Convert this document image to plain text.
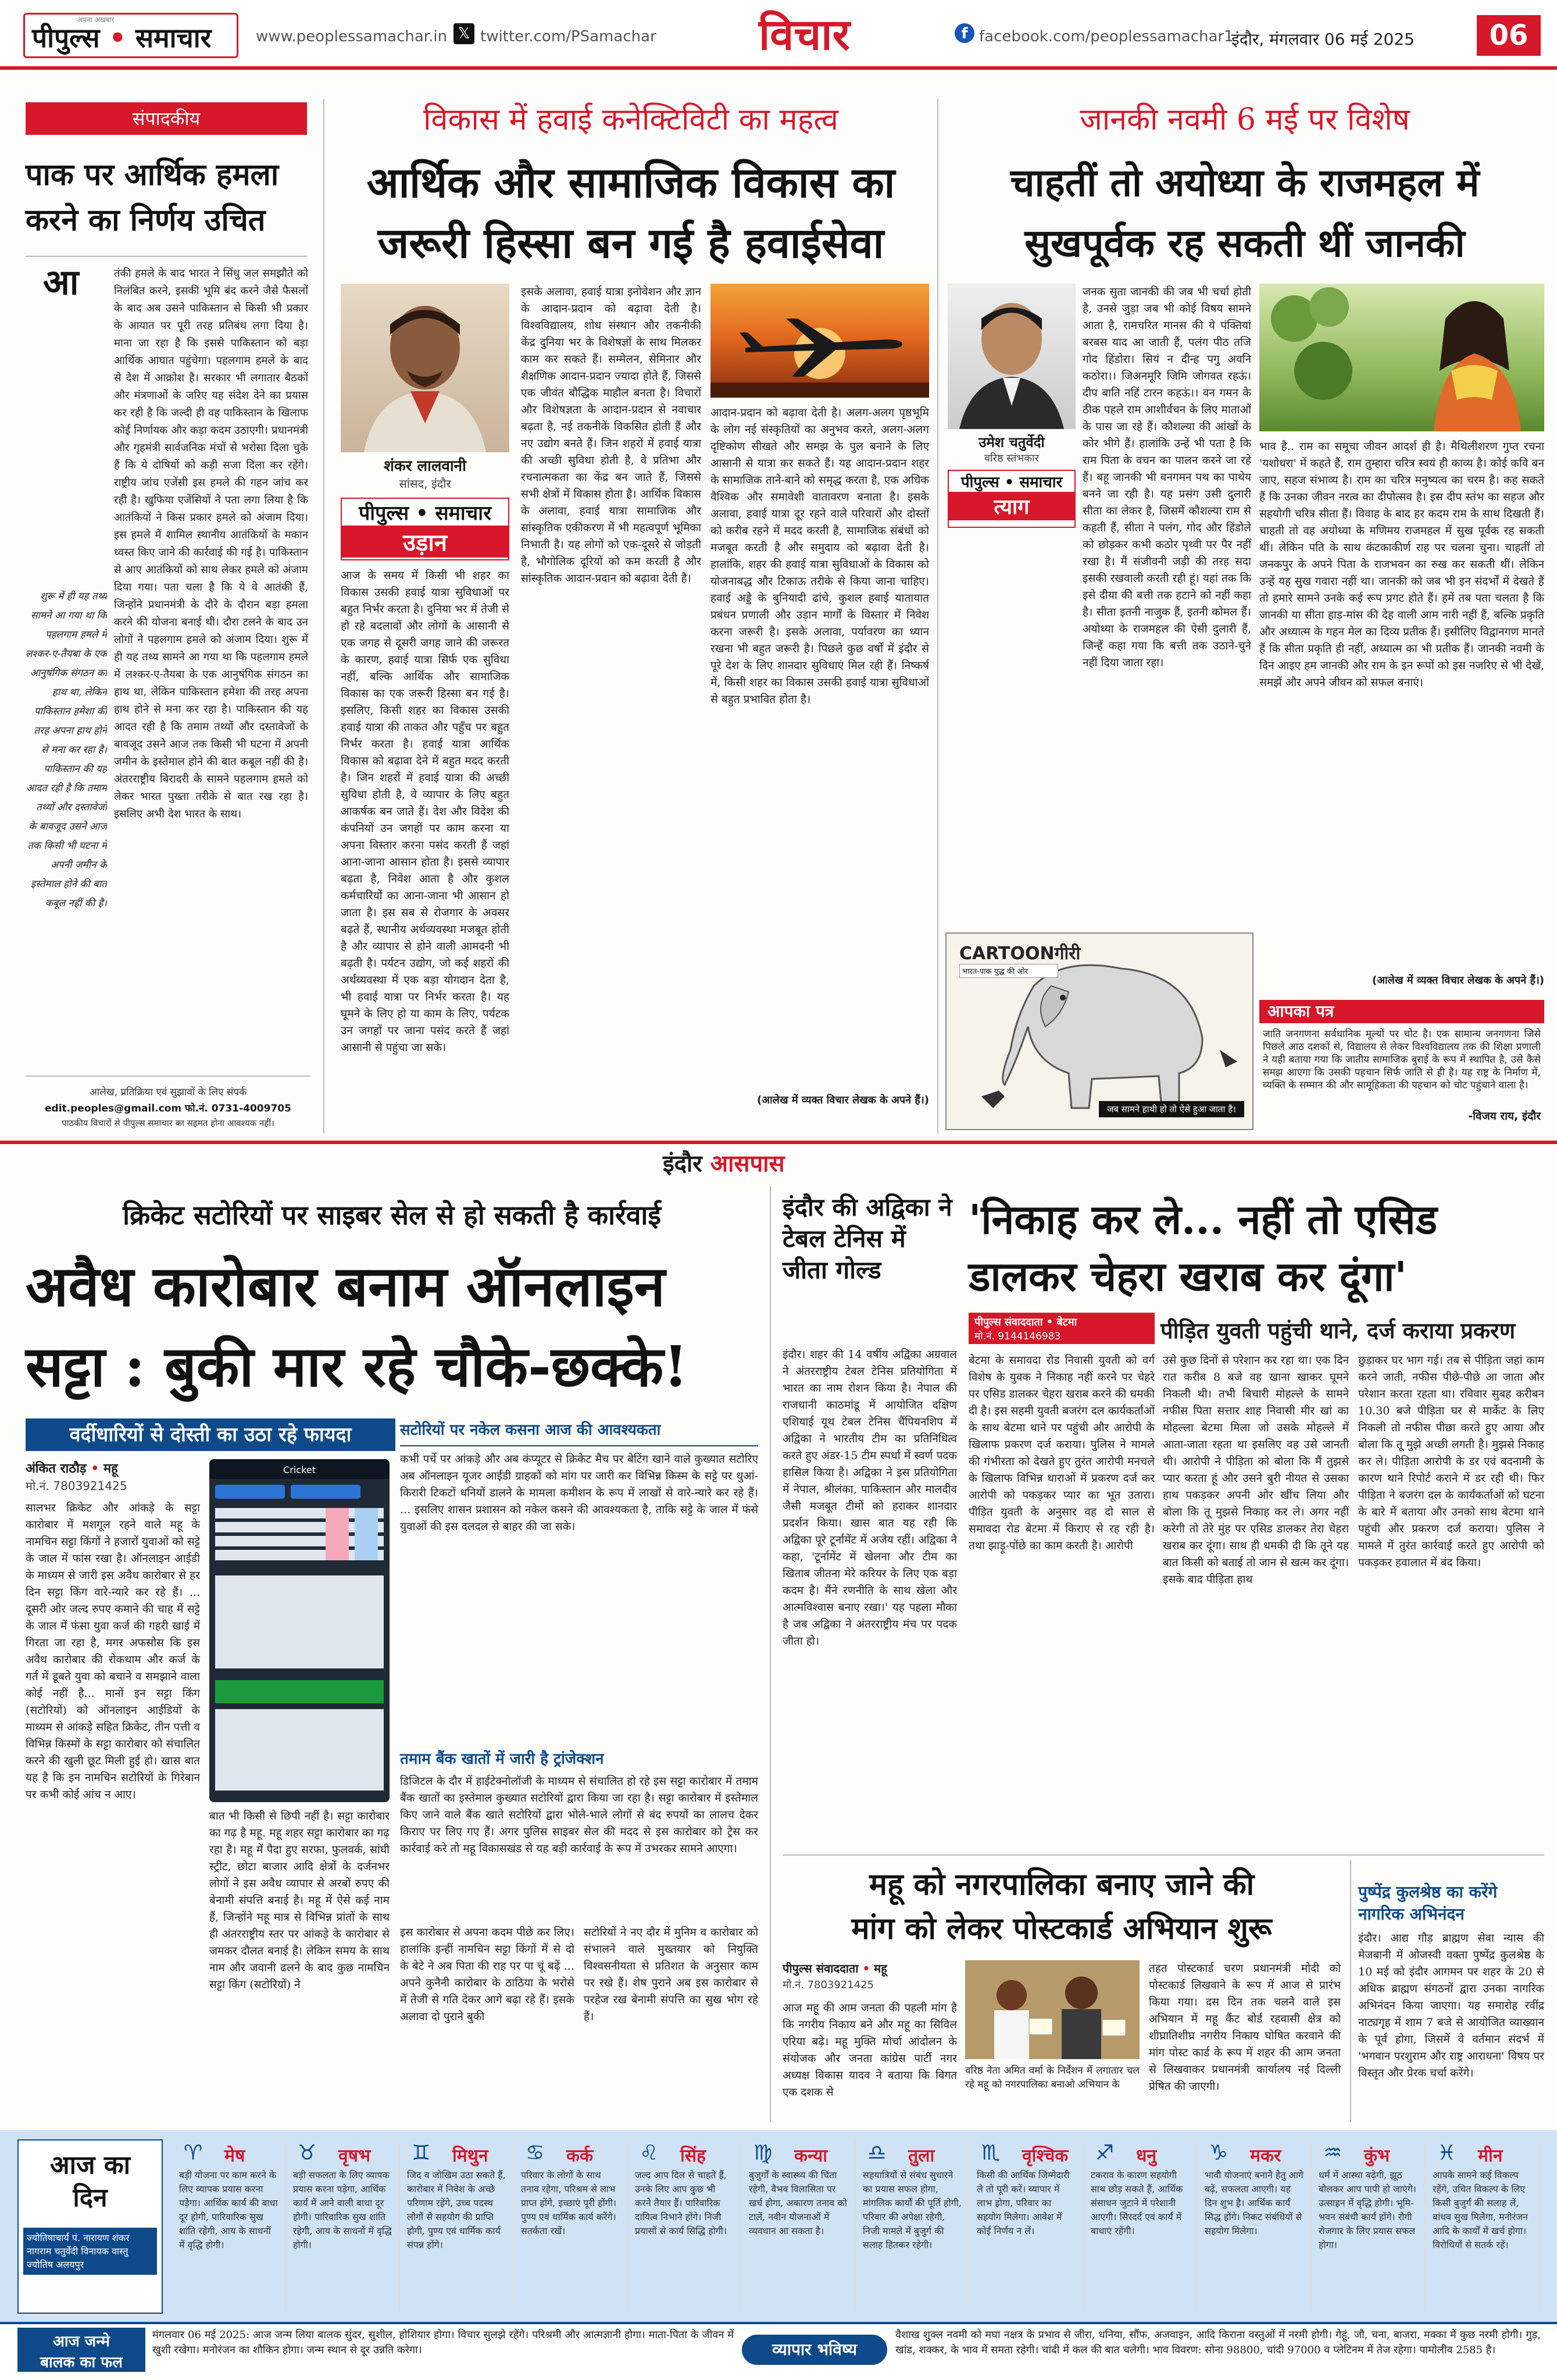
अपना अख़बार
पीपुल्स • समाचार	www.peoplessamachar.in 𝕏 twitter.com/PSamachar विचार	f facebook.com/peoplessamachar1
इंदौर, मंगलवार 06 मई 2025	06
संपादकीय
पाक पर आर्थिक हमला करने का निर्णय उचित
आ	तंकी हमले के बाद भारत ने सिंधु जल समझौते को निलंबित करने, इसकी भूमि बंद करने जैसे फैसलों के बाद अब उसने पाकिस्तान से किसी भी प्रकार के आयात पर पूरी तरह प्रतिबंध लगा दिया है। माना जा रहा है कि इससे पाकिस्तान को बड़ा आर्थिक आघात पहुंचेगा। पहलगाम हमले के बाद से देश में आक्रोश है। सरकार भी लगातार बैठकों और मंत्रणाओं के जरिए यह संदेश देने का प्रयास कर रही है कि जल्दी ही वह पाकिस्तान के खिलाफ कोई निर्णायक और कड़ा कदम उठाएगी। प्रधानमंत्री और गृहमंत्री सार्वजनिक मंचों से भरोसा दिला चुके हैं कि ये दोषियों को कड़ी सजा दिला कर रहेंगे। राष्ट्रीय जांच एजेंसी इस हमले की गहन जांच कर रही है। खुफिया एजेंसियों ने पता लगा लिया है कि आतंकियों ने किस प्रकार हमले को अंजाम दिया। इस हमले में शामिल स्थानीय आतंकियों के मकान ध्वस्त किए जाने की कार्रवाई की गई है। पाकिस्तान से आए आतंकियों को साथ लेकर हमले को अंजाम दिया गया। पता चला है कि ये वे आतंकी हैं, जिन्होंने प्रधानमंत्री के दौरे के दौरान बड़ा हमला करने की योजना बनाई थी। दौरा टलने के बाद उन लोगों ने पहलगाम हमले को अंजाम दिया। शुरू में ही यह तथ्य सामने आ गया था कि पहलगाम हमले में लश्कर-ए-तैयबा के एक आनुषंगिक संगठन का हाथ था, लेकिन पाकिस्तान हमेशा की तरह अपना हाथ होने से मना कर रहा है। पाकिस्तान की यह आदत रही है कि तमाम तथ्यों और दस्तावेजों के बावजूद उसने आज तक किसी भी घटना में अपनी जमीन के इस्तेमाल होने की बात कबूल नहीं की है। अंतरराष्ट्रीय बिरादरी के सामने पहलगाम हमले को लेकर भारत पुख्ता तरीके से बात रख रहा है। इसलिए अभी देश भारत के साथ।
शुरू में ही यह तथ्य सामने आ गया था कि पहलगाम हमले में लश्कर-ए-तैयबा के एक आनुषंगिक संगठन का हाथ था, लेकिन पाकिस्तान हमेशा की तरह अपना हाथ होने से मना कर रहा है। पाकिस्तान की यह आदत रही है कि तमाम तथ्यों और दस्तावेजों के बावजूद उसने आज तक किसी भी घटना में अपनी जमीन के इस्तेमाल होने की बात कबूल नहीं की है।
आलेख, प्रतिक्रिया एवं सुझावों के लिए संपर्क
edit.peoples@gmail.com फो.नं. 0731-4009705
पाठकीय विचारों से पीपुल्स समाचार का सहमत होना आवश्यक नहीं।
विकास में हवाई कनेक्टिविटी का महत्व
आर्थिक और सामाजिक विकास का
जरूरी हिस्सा बन गई है हवाईसेवा
शंकर लालवानी
सांसद, इंदौर
पीपुल्स • समाचार
उड़ान
आज के समय में किसी भी शहर का विकास उसकी हवाई यात्रा सुविधाओं पर बहुत निर्भर करता है। दुनिया भर में तेजी से हो रहे बदलावों और लोगों के आसानी से एक जगह से दूसरी जगह जाने की जरूरत के कारण, हवाई यात्रा सिर्फ एक सुविधा नहीं, बल्कि आर्थिक और सामाजिक विकास का एक जरूरी हिस्सा बन गई है। इसलिए, किसी शहर का विकास उसकी हवाई यात्रा की ताकत और पहुँच पर बहुत निर्भर करता है। हवाई यात्रा आर्थिक विकास को बढ़ावा देने में बहुत मदद करती है। जिन शहरों में हवाई यात्रा की अच्छी सुविधा होती है, वे व्यापार के लिए बहुत आकर्षक बन जाते हैं। देश और विदेश की कंपनियों उन जगहों पर काम करना या अपना विस्तार करना पसंद करती हैं जहां आना-जाना आसान होता है। इससे व्यापार बढ़ता है, निवेश आता है और कुशल कर्मचारियों का आना-जाना भी आसान हो जाता है। इस सब से रोजगार के अवसर बढ़ते हैं, स्थानीय अर्थव्यवस्था मजबूत होती है और व्यापार से होने वाली आमदनी भी बढ़ती है। पर्यटन उद्योग, जो कई शहरों की अर्थव्यवस्था में एक बड़ा योगदान देता है, भी हवाई यात्रा पर निर्भर करता है। यह घूमने के लिए हो या काम के लिए, पर्यटक उन जगहों पर जाना पसंद करते हैं जहां आसानी से पहुंचा जा सके।
इसके अलावा, हवाई यात्रा इनोवेशन और ज्ञान के आदान-प्रदान को बढ़ावा देती है। विश्वविद्यालय, शोध संस्थान और तकनीकी केंद्र दुनिया भर के विशेषज्ञों के साथ मिलकर काम कर सकते हैं। सम्मेलन, सेमिनार और शैक्षणिक आदान-प्रदान ज्यादा होते हैं, जिससे एक जीवंत बौद्धिक माहौल बनता है। विचारों और विशेषज्ञता के आदान-प्रदान से नवाचार बढ़ता है, नई तकनीकें विकसित होती हैं और नए उद्योग बनते हैं। जिन शहरों में हवाई यात्रा की अच्छी सुविधा होती है, वे प्रतिभा और रचनात्मकता का केंद्र बन जाते हैं, जिससे सभी क्षेत्रों में विकास होता है। आर्थिक विकास के अलावा, हवाई यात्रा सामाजिक और सांस्कृतिक एकीकरण में भी महत्वपूर्ण भूमिका निभाती है। यह लोगों को एक-दूसरे से जोड़ती है, भौगोलिक दूरियों को कम करती है और सांस्कृतिक आदान-प्रदान को बढ़ावा देती है।
आदान-प्रदान को बढ़ावा देती है। अलग-अलग पृष्ठभूमि के लोग नई संस्कृतियों का अनुभव करते, अलग-अलग दृष्टिकोण सीखते और समझ के पुल बनाने के लिए आसानी से यात्रा कर सकते हैं। यह आदान-प्रदान शहर के सामाजिक ताने-बाने को समृद्ध करता है, एक अधिक वैश्विक और समावेशी वातावरण बनाता है। इसके अलावा, हवाई यात्रा दूर रहने वाले परिवारों और दोस्तों को करीब रहने में मदद करती है, सामाजिक संबंधों को मजबूत करती है और समुदाय को बढ़ावा देती है। हालांकि, शहर की हवाई यात्रा सुविधाओं के विकास को योजनाबद्ध और टिकाऊ तरीके से किया जाना चाहिए। हवाई अड्डे के बुनियादी ढांचे, कुशल हवाई यातायात प्रबंधन प्रणाली और उड़ान मार्गों के विस्तार में निवेश करना जरूरी है। इसके अलावा, पर्यावरण का ध्यान रखना भी बहुत जरूरी है। पिछले कुछ वर्षों में इंदौर से पूरे देश के लिए शानदार सुविधाएं मिल रही हैं। निष्कर्ष में, किसी शहर का विकास उसकी हवाई यात्रा सुविधाओं से बहुत प्रभावित होता है।
(आलेख में व्यक्त विचार लेखक के अपने हैं।)
जानकी नवमी 6 मई पर विशेष
चाहतीं तो अयोध्या के राजमहल में
सुखपूर्वक रह सकती थीं जानकी
उमेश चतुर्वेदी
वरिष्ठ स्तंभकार
पीपुल्स • समाचार
त्याग
जनक सुता जानकी की जब भी चर्चा होती है, उनसे जुड़ा जब भी कोई विषय सामने आता है, रामचरित मानस की ये पंक्तियां बरबस याद आ जाती हैं, पलंग पीठ तजि गोद हिंडोरा। सियं न दीन्ह पगु अवनि कठोरा।। जिअनमूरि जिमि जोगवत रहऊं। दीप बाति नहिं टारन कहऊं।। वन गमन के ठीक पहले राम आशीर्वचन के लिए माताओं के पास जा रहे हैं। कौशल्या की आंखों के कोर भीगे हैं। हालांकि उन्हें भी पता है कि राम पिता के वचन का पालन करने जा रहे हैं। बहू जानकी भी वनगमन पथ का पाथेय बनने जा रही है। यह प्रसंग उसी दुलारी सीता का लेकर है, जिसमें कौशल्या राम से कहती हैं, सीता ने पलंग, गोद और हिंडोले को छोड़कर कभी कठोर पृथ्वी पर पैर नहीं रखा है। मैं संजीवनी जड़ी की तरह सदा इसकी रखवाली करती रही हूं। यहां तक कि इसे दीया की बत्ती तक हटाने को नहीं कहा है। सीता इतनी नाजुक हैं, इतनी कोमल हैं। अयोध्या के राजमहल की ऐसी दुलारी हैं, जिन्हें कहा गया कि बत्ती तक उठाने-चुने नहीं दिया जाता रहा।
भाव है.. राम का समूचा जीवन आदर्श ही है। मैथिलीशरण गुप्त रचना 'यशोधरा' में कहते हैं, राम तुम्हारा चरित्र स्वयं ही काव्य है। कोई कवि बन जाए, सहज संभाव्य है। राम का चरित्र मनुष्यत्व का चरम है। कह सकते हैं कि उनका जीवन नरत्व का दीपोत्सव है। इस दीप स्तंभ का सहज और सहयोगी चरित्र सीता हैं। विवाह के बाद हर कदम राम के साथ दिखती हैं। चाहती तो वह अयोध्या के मणिमय राजमहल में सुख पूर्वक रह सकती थीं। लेकिन पति के साथ कंटकाकीर्ण राह पर चलना चुना। चाहतीं तो जनकपुर के अपने पिता के राजभवन का रुख कर सकती थीं। लेकिन उन्हें यह सुख गवारा नहीं था। जानकी को जब भी इन संदर्भों में देखते हैं तो हमारे सामने उनके कई रूप प्रगट होते हैं। हमें तब पता चलता है कि जानकी या सीता हाड़-मांस की देह वाली आम नारी नहीं हैं, बल्कि प्रकृति और अध्यात्म के गहन मेल का दिव्य प्रतीक हैं। इसीलिए विद्वानगण मानते हैं कि सीता प्रकृति ही नहीं, अध्यात्म का भी प्रतीक हैं। जानकी नवमी के दिन आइए हम जानकी और राम के इन रूपों को इस नजरिए से भी देखें, समझें और अपने जीवन को सफल बनाएं।
(आलेख में व्यक्त विचार लेखक के अपने हैं।)
CARTOONगीरी
भारत-पाक युद्ध की ओर
जब सामने हाथी हो तो ऐसे हुआ जाता है।
आपका पत्र
जाति जनगणना सर्वधानिक मूल्यों पर चोट है। एक सामान्य जनगणना जिसे पिछले आठ दशकों से, विद्यालय से लेकर विश्वविद्यालय तक की शिक्षा प्रणाली ने यही बताया गया कि जातीय सामाजिक बुराई के रूप में स्थापित है, उसे कैसे समझ आएगा कि उसकी पहचान सिर्फ जाति से ही है। यह राष्ट्र के निर्माण में, व्यक्ति के सम्मान की और सामूहिकता की पहचान को चोट पहुंचाने वाला है।
-विजय राय, इंदौर
इंदौर आसपास
क्रिकेट सटोरियों पर साइबर सेल से हो सकती है कार्रवाई
अवैध कारोबार बनाम ऑनलाइन
सट्टा : बुकी मार रहे चौके-छक्के!
वर्दीधारियों से दोस्ती का उठा रहे फायदा
अंकित राठौड़ • महू
मो.नं. 7803921425
सालभर क्रिकेट और आंकड़े के सट्टा कारोबार में मशगूल रहने वाले महू के नामचिन सट्टा किंगों ने हजारों युवाओं को सट्टे के जाल में फांस रखा है। ऑनलाइन आईडी के माध्यम से जारी इस अवैध कारोबार से हर दिन सट्टा किंग वारे-न्यारे कर रहे हैं। ... दूसरी ओर जल्द रुपए कमाने की चाह में सट्टे के जाल में फंसा युवा कर्ज की गहरी खाई में गिरता जा रहा है, मगर अफसोस कि इस अवैध कारोबार की रोकथाम और कर्ज के गर्त में डूबते युवा को बचाने व समझाने वाला कोई नहीं है... मानों इन सट्टा किंग (सटोरियों) को ऑनलाइन आईडियों के माध्यम से आंकड़े सहित क्रिकेट, तीन पत्ती व विभिन्न किस्मों के सट्टा कारोबार को संचालित करने की खुली छूट मिली हुई हो। खास बात यह है कि इन नामचिन सटोरियों के गिरेबान पर कभी कोई आंच न आए।
Cricket
सटोरियों पर नकेल कसना आज की आवश्यकता
कभी पर्चे पर आंकड़े और अब कंप्यूटर से क्रिकेट मैच पर बेटिंग खाने वाले कुख्यात सटोरिए अब ऑनलाइन यूजर आईडी ग्राहकों को मांग पर जारी कर विभिन्न किस्म के सट्टे पर धुआं-किरारी टिकटों धनियों डालने के मामला कमीशन के रूप में लाखों से वारे-न्यारे कर रहे हैं। ... इसलिए शासन प्रशासन को नकेल कसने की आवश्यकता है, ताकि सट्टे के जाल में फंसे युवाओं की इस दलदल से बाहर की जा सके।
तमाम बैंक खातों में जारी है ट्रांजेक्शन
डिजिटल के दौर में हाईटेक्नोलॉजी के माध्यम से संचालित हो रहे इस सट्टा कारोबार में तमाम बैंक खातों का इस्तेमाल कुख्यात सटोरियों द्वारा किया जा रहा है। सट्टा कारोबार में इस्तेमाल किए जाने वाले बैंक खाते सटोरियों द्वारा भोले-भाले लोगों से बंद रुपयों का लालच देकर किराए पर लिए गए हैं। अगर पुलिस साइबर सेल की मदद से इस कारोबार को ट्रेस कर कार्रवाई करे तो महू विकासखंड से यह बड़ी कार्रवाई के रूप में उभरकर सामने आएगा।
बात भी किसी से छिपी नहीं है। सट्टा कारोबार का गढ़ है महू. महू शहर सट्टा कारोबार का गढ़ रहा है। महू में पैदा हुए सरफा, फुलवर्क, सांघी स्ट्रीट, छोटा बाजार आदि क्षेत्रों के दर्जनभर लोगों ने इस अवैध व्यापार से अरबों रुपए की बेनामी संपत्ति बनाई है। महू में ऐसे कई नाम हैं, जिन्होंने महू मात्र से विभिन्न प्रांतों के साथ ही अंतरराष्ट्रीय स्तर पर आंकड़े के कारोबार से जमकर दौलत बनाई है। लेकिन समय के साथ नाम और जवानी ढलने के बाद कुछ नामचिन सट्टा किंग (सटोरियों) ने
इस कारोबार से अपना कदम पीछे कर लिए। हालांकि इन्हीं नामचिन सट्टा किंगों में से दो के बेटे ने अब पिता की राह पर पा चूं बढ़ें ... अपने कुनैनी कारोबार के ठाठिया के भरोसे में तेजी से गति देकर आगे बढ़ा रहे हैं। इसके अलावा दो पुराने बुकी
सटोरियों ने नए दौर में मुनिम व कारोबार को संभालने वाले मुख्तयार को नियुक्ति विश्वसनीयता से प्रतिशत के अनुसार काम पर रखे हैं। शेष पुराने अब इस कारोबार से परहेज रख बेनामी संपत्ति का सुख भोग रहे हैं।
इंदौर की अद्विका ने टेबल टेनिस में जीता गोल्ड
इंदौर। शहर की 14 वर्षीय अद्विका अग्रवाल ने अंतरराष्ट्रीय टेबल टेनिस प्रतियोगिता में भारत का नाम रोशन किया है। नेपाल की राजधानी काठमांडू में आयोजित दक्षिण एशियाई यूथ टेबल टेनिस चैंपियनशिप में अद्विका ने भारतीय टीम का प्रतिनिधित्व करते हुए अंडर-15 टीम स्पर्धा में स्वर्ण पदक हासिल किया है। अद्विका ने इस प्रतियोगिता में नेपाल, श्रीलंका, पाकिस्तान और मालदीव जैसी मजबूत टीमों को हराकर शानदार प्रदर्शन किया। खास बात यह रही कि अद्विका पूरे टूर्नामेंट में अजेय रहीं। अद्विका ने कहा, 'टूर्नामेंट में खेलना और टीम का खिताब जीतना मेरे करियर के लिए एक बड़ा कदम है। मैंने रणनीति के साथ खेला और आत्मविश्वास बनाए रखा।' यह पहला मौका है जब अद्विका ने अंतरराष्ट्रीय मंच पर पदक जीता हो।
'निकाह कर ले... नहीं तो एसिड
डालकर चेहरा खराब कर दूंगा'
पीपुल्स संवाददाता • बेटमा
मो.नं. 9144146983	पीड़ित युवती पहुंची थाने, दर्ज कराया प्रकरण
बेटमा के समावदा रोड निवासी युवती को वर्ग विशेष के युवक ने निकाह नहीं करने पर चेहरे पर एसिड डालकर चेहरा खराब करने की धमकी दी है। इस सहमी युवती बजरंग दल कार्यकर्ताओं के साथ बेटमा थाने पर पहुंची और आरोपी के खिलाफ प्रकरण दर्ज कराया। पुलिस ने मामले की गंभीरता को देखते हुए तुरंत आरोपी मनचले के खिलाफ विभिन्न धाराओं में प्रकरण दर्ज कर आरोपी को पकड़कर प्यार का भूत उतारा। पीड़ित युवती के अनुसार वह दो साल से समावदा रोड बेटमा में किराए से रह रही है। तथा झाड़ू-पोंछे का काम करती है। आरोपी
उसे कुछ दिनों से परेशान कर रहा था। एक दिन रात करीब 8 बजे वह खाना खाकर घूमने निकली थी। तभी बिचारी मोहल्ले के सामने नफीस पिता सत्तार शाह निवासी मीर खां का मोहल्ला बेटमा मिला जो उसके मोहल्ले में आता-जाता रहता था इसलिए वह उसे जानती थी। आरोपी ने पीड़िता को बोला कि मैं तुझसे प्यार करता हूं और उसने बुरी नीयत से उसका हाथ पकड़कर अपनी ओर खींच लिया और बोला कि तू मुझसे निकाह कर ले। अगर नहीं करेगी तो तेरे मुंह पर एसिड डालकर तेरा चेहरा खराब कर दूंगा। साथ ही धमकी दी कि तूने यह बात किसी को बताई तो जान से खत्म कर दूंगा। इसके बाद पीड़िता हाथ
छुड़ाकर घर भाग गई। तब से पीड़िता जहां काम करने जाती, नफीस पीछे-पीछे आ जाता और परेशान करता रहता था। रविवार सुबह करीबन 10.30 बजे पीड़िता घर से मार्केट के लिए निकली तो नफीस पीछा करते हुए आया और बोला कि तू मुझे अच्छी लगती है। मुझसे निकाह कर ले। पीड़िता आरोपी के डर एवं बदनामी के कारण थाने रिपोर्ट कराने में डर रही थी। फिर पीड़िता ने बजरंग दल के कार्यकर्ताओं को घटना के बारे में बताया और उनको साथ बेटमा थाने पहुंची और प्रकरण दर्ज कराया। पुलिस ने मामले में तुरंत कार्रवाई करते हुए आरोपी को पकड़कर हवालात में बंद किया।
महू को नगरपालिका बनाए जाने की
मांग को लेकर पोस्टकार्ड अभियान शुरू
पीपुल्स संवाददाता • महू
मो.नं. 7803921425
आज महू की आम जनता की पहली मांग है कि नगरीय निकाय बने और महू का सिविल एरिया बढ़े। महू मुक्ति मोर्चा आंदोलन के संयोजक और जनता कांग्रेस पार्टी नगर अध्यक्ष विकास यादव ने बताया कि विगत एक दशक से
वरिष्ठ नेता अमित वर्मा के निर्देशन में लगातार चल रहे महू को नगरपालिका बनाओ अभियान के
तहत पोस्टकार्ड चरण प्रधानमंत्री मोदी को पोस्टकार्ड लिखवाने के रूप में आज से प्रारंभ किया गया। दस दिन तक चलने वाले इस अभियान में महू कैंट बोर्ड रहवासी क्षेत्र को शीघ्रातिशीघ्र नगरीय निकाय घोषित करवाने की मांग पोस्ट कार्ड के रूप में शहर की आम जनता से लिखवाकर प्रधानमंत्री कार्यालय नई दिल्ली प्रेषित की जाएगी।
पुष्पेंद्र कुलश्रेष्ठ का करेंगे
नागरिक अभिनंदन
इंदौर। आद्य गौड़ ब्राह्मण सेवा न्यास की मेजबानी में ओजस्वी वक्ता पुष्पेंद्र कुलश्रेष्ठ के 10 मई को इंदौर आगमन पर शहर के 20 से अधिक ब्राह्मण संगठनों द्वारा उनका नागरिक अभिनंदन किया जाएगा। यह समारोह रवींद्र नाट्यगृह में शाम 7 बजे से आयोजित व्याख्यान के पूर्व होगा, जिसमें वे वर्तमान संदर्भ में 'भगवान परशुराम और राष्ट्र आराधना' विषय पर विस्तृत और प्रेरक चर्चा करेंगे।
आज का
दिन
ज्योतिषाचार्य पं. नारायण शंकर नागराम चतुर्वेदी विनायक वास्तु ज्योतिष अलयपुर
♈	मेष
बड़ी योजना पर काम करने के लिए व्यापक प्रयास करना पड़ेगा। आर्थिक कार्य की बाधा दूर होगी, पारिवारिक सुख शांति रहेगी, आय के साधनों में वृद्धि होगी।
♉	वृषभ
बड़ी सफलता के लिए व्यापक प्रयास करना पड़ेगा, आर्थिक कार्य में आने वाली बाधा दूर होगी। पारिवारिक सुख शांति रहेगी, आय के साधनों में वृद्धि होगी।
♊	मिथुन
जिद व जोखिम उठा सकते हैं, कारोबार में निवेश के अच्छे परिणाम रहेंगे, उच्च पदस्थ लोगों से सहयोग की प्राप्ति होगी, पुण्य एवं धार्मिक कार्य संपन्न होंगे।
♋	कर्क
परिवार के लोगों के साथ तनाव रहेगा, परिश्रम से लाभ प्राप्त होंगे, इच्छाएं पूरी होंगी। पुण्य एवं धार्मिक कार्य करेंगे। सतर्कता रखें।
♌	सिंह
जल्द आप दिल से चाहते हैं, उनके लिए आप कुछ भी करने तैयार हैं। पारिवारिक दायित्व निभाने होंगे। निजी प्रयासों से कार्य सिद्धि होगी।
♍	कन्या
बुजुर्गों के स्वास्थ्य की चिंता रहेगी, वैभव विलासिता पर खर्च होगा, अकारण तनाव को टालें, नवीन योजनाओं में व्यवधान आ सकता है।
♎	तुला
सहयात्रियों से संबंध सुधारने का प्रयास सफल होगा, मांगलिक कार्यों की पूर्ति होगी, परिवार की अपेक्षा रहेगी, निजी मामले में बुजुर्ग की सलाह हितकर रहेगी।
♏	वृश्चिक
किसी की आर्थिक जिम्मेदारी ले तो पूरी करें। व्यापार में लाभ होगा, परिवार का सहयोग मिलेगा। आवेश में कोई निर्णय न लें।
♐	धनु
टकराव के कारण सहयोगी साथ छोड़ सकते हैं, आर्थिक संसाधन जुटाने में परेशानी आएगी। सिरदर्द एवं कार्य में बाधाएं रहेंगी।
♑	मकर
भावी योजनाएं बनाने हेतु आगे बढ़ें, सफलता आएगी। यह दिन शुभ है। आर्थिक कार्य सिद्ध होंगे। निकट संबंधियों से सहयोग मिलेगा।
♒	कुंभ
धर्म में आस्था बढ़ेगी, झूठ बोलकर आप पापी हो जाएंगे। उत्साहन में वृद्धि होगी। भूमि-भवन संबंधी कार्य होंगे। रोगी रोजगार के लिए प्रयास सफल होगा।
♓	मीन
आपके सामने कई विकल्प रहेंगे, उचित विकल्प के लिए किसी बुजुर्ग की सलाह लें, बांधव सुख मिलेगा, मनोरंजन आदि के कार्यों में खर्च होगा। विरोधियों से सतर्क रहें।
आज जन्मे
बालक का फल
मंगलवार 06 मई 2025: आज जन्म लिया बालक सुंदर, सुशील, होशियार होगा। विचार सुलझे रहेंगे। परिश्रमी और आत्मज्ञानी होगा। माता-पिता के जीवन में खुशी रखेगा। मनोरंजन का शौकिन होगा। जन्म स्थान से दूर उन्नति करेगा।	व्यापार भविष्य
वैशाख शुक्ल नवमी को मघा नक्षत्र के प्रभाव से जीरा, धनिया, सौंफ, अजवाइन, आदि किराना वस्तुओं में नरमी होगी। गेहूं, जौ, चना, बाजरा, मक्का में कुछ नरमी होगी। गुड़, खांड, शक्कर, के भाव में समता रहेगी। चांदी में कल की बात चलेगी। भाव विवरण: सोना 98800, चांदी 97000 व प्लेटिनम में तेज रहेगा। पामोलीव 2585 है।
